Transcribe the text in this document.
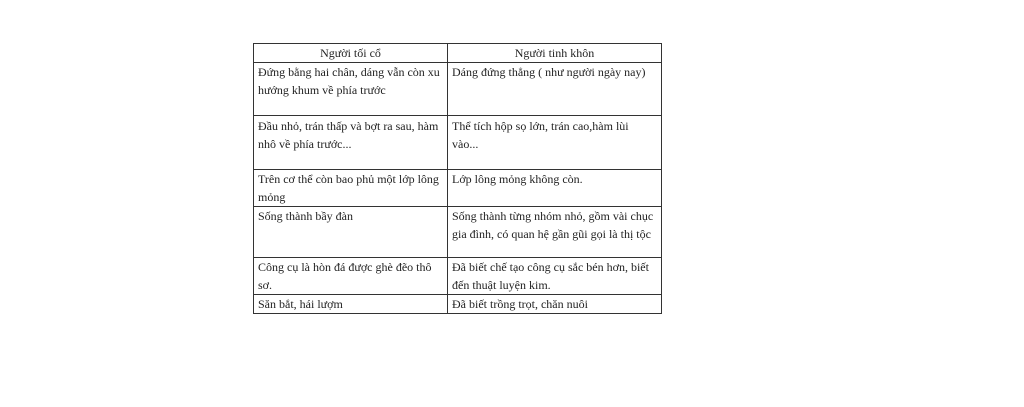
Người tối cổ	Người tinh khôn
Đứng bằng hai chân, dáng vẫn còn xu hướng khum về phía trước	Dáng đứng thẳng ( như người ngày nay)
Đầu nhỏ, trán thấp và bợt ra sau, hàm nhô về phía trước...	Thể tích hộp sọ lớn, trán cao,hàm lùi vào...
Trên cơ thể còn bao phủ một lớp lông mỏng	Lớp lông mỏng không còn.
Sống thành bầy đàn	Sống thành từng nhóm nhỏ, gồm vài chục gia đình, có quan hệ gần gũi gọi là thị tộc
Công cụ là hòn đá được ghè đẽo thô sơ.	Đã biết chế tạo công cụ sắc bén hơn, biết đến thuật luyện kim.
Săn bắt, hái lượm	Đã biết trồng trọt, chăn nuôi
